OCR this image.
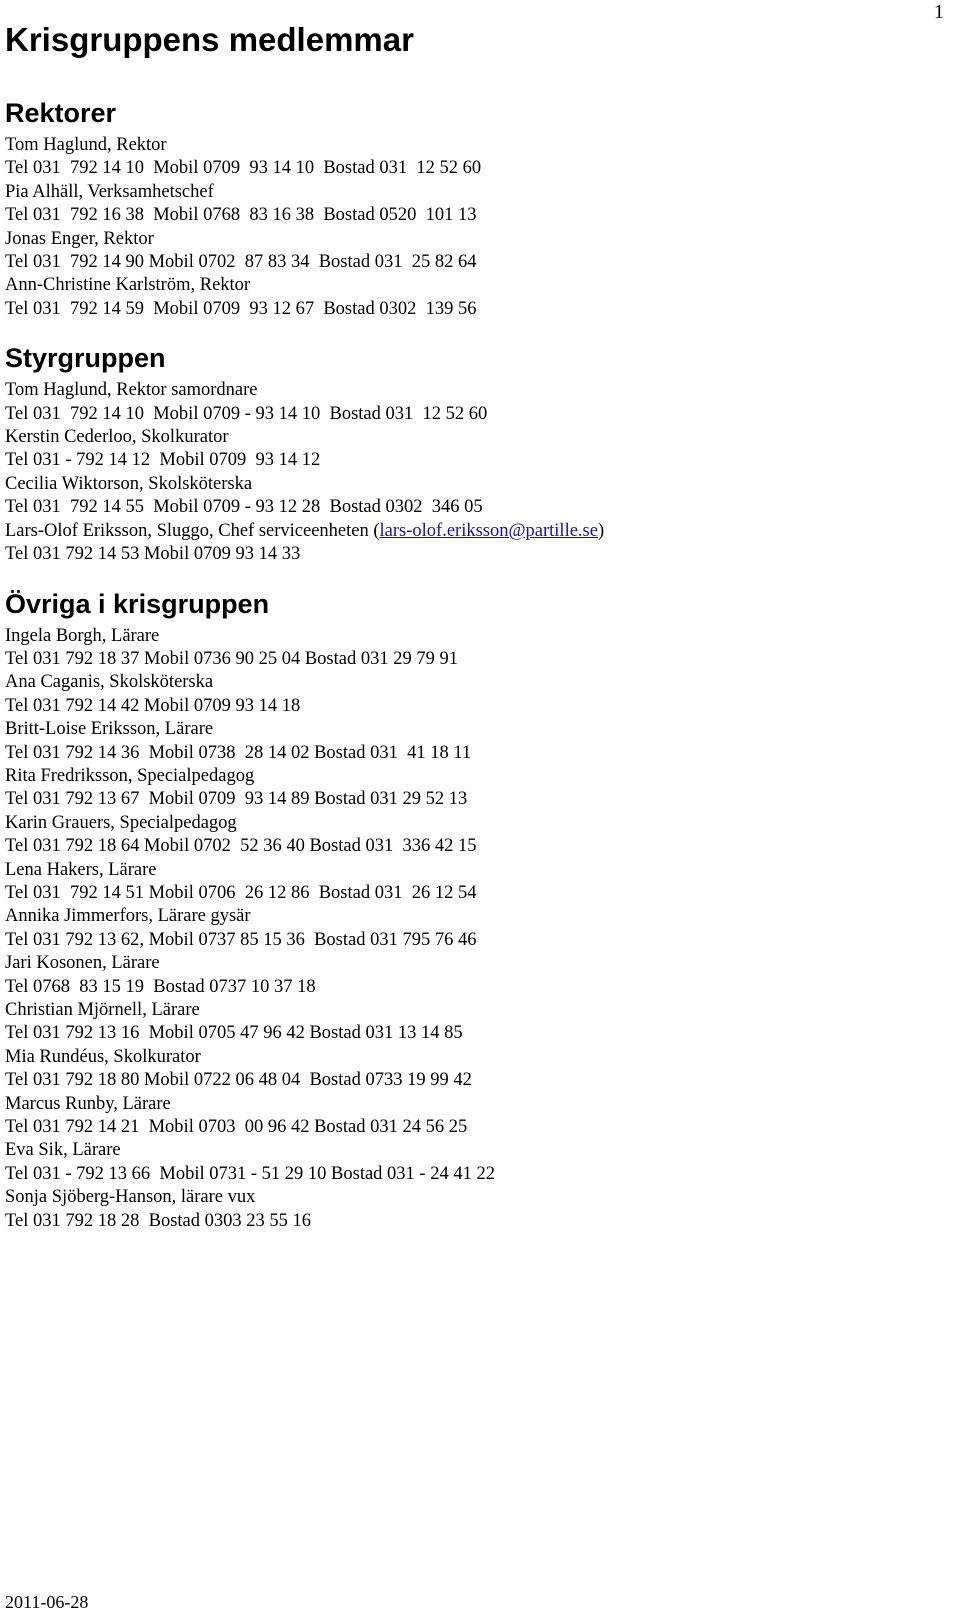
1
Krisgruppens medlemmar
Rektorer
Tom Haglund, Rektor
Tel 031  792 14 10  Mobil 0709  93 14 10  Bostad 031  12 52 60
Pia Alhäll, Verksamhetschef
Tel 031  792 16 38  Mobil 0768  83 16 38  Bostad 0520  101 13
Jonas Enger, Rektor
Tel 031  792 14 90 Mobil 0702  87 83 34  Bostad 031  25 82 64
Ann-Christine Karlström, Rektor
Tel 031  792 14 59  Mobil 0709  93 12 67  Bostad 0302  139 56
Styrgruppen
Tom Haglund, Rektor samordnare
Tel 031  792 14 10  Mobil 0709 - 93 14 10  Bostad 031  12 52 60
Kerstin Cederloo, Skolkurator
Tel 031 - 792 14 12  Mobil 0709  93 14 12
Cecilia Wiktorson, Skolsköterska
Tel 031  792 14 55  Mobil 0709 - 93 12 28  Bostad 0302  346 05
Lars-Olof Eriksson, Sluggo, Chef serviceenheten (lars-olof.eriksson@partille.se)
Tel 031 792 14 53 Mobil 0709 93 14 33
Övriga i krisgruppen
Ingela Borgh, Lärare
Tel 031 792 18 37 Mobil 0736 90 25 04 Bostad 031 29 79 91
Ana Caganis, Skolsköterska
Tel 031 792 14 42 Mobil 0709 93 14 18
Britt-Loise Eriksson, Lärare
Tel 031 792 14 36  Mobil 0738  28 14 02 Bostad 031  41 18 11
Rita Fredriksson, Specialpedagog
Tel 031 792 13 67  Mobil 0709  93 14 89 Bostad 031 29 52 13
Karin Grauers, Specialpedagog
Tel 031 792 18 64 Mobil 0702  52 36 40 Bostad 031  336 42 15
Lena Hakers, Lärare
Tel 031  792 14 51 Mobil 0706  26 12 86  Bostad 031  26 12 54
Annika Jimmerfors, Lärare gysär
Tel 031 792 13 62, Mobil 0737 85 15 36  Bostad 031 795 76 46
Jari Kosonen, Lärare
Tel 0768  83 15 19  Bostad 0737 10 37 18
Christian Mjörnell, Lärare
Tel 031 792 13 16  Mobil 0705 47 96 42 Bostad 031 13 14 85
Mia Rundéus, Skolkurator
Tel 031 792 18 80 Mobil 0722 06 48 04  Bostad 0733 19 99 42
Marcus Runby, Lärare
Tel 031 792 14 21  Mobil 0703  00 96 42 Bostad 031 24 56 25
Eva Sik, Lärare
Tel 031 - 792 13 66  Mobil 0731 - 51 29 10 Bostad 031 - 24 41 22
Sonja Sjöberg-Hanson, lärare vux
Tel 031 792 18 28  Bostad 0303 23 55 16
2011-06-28
